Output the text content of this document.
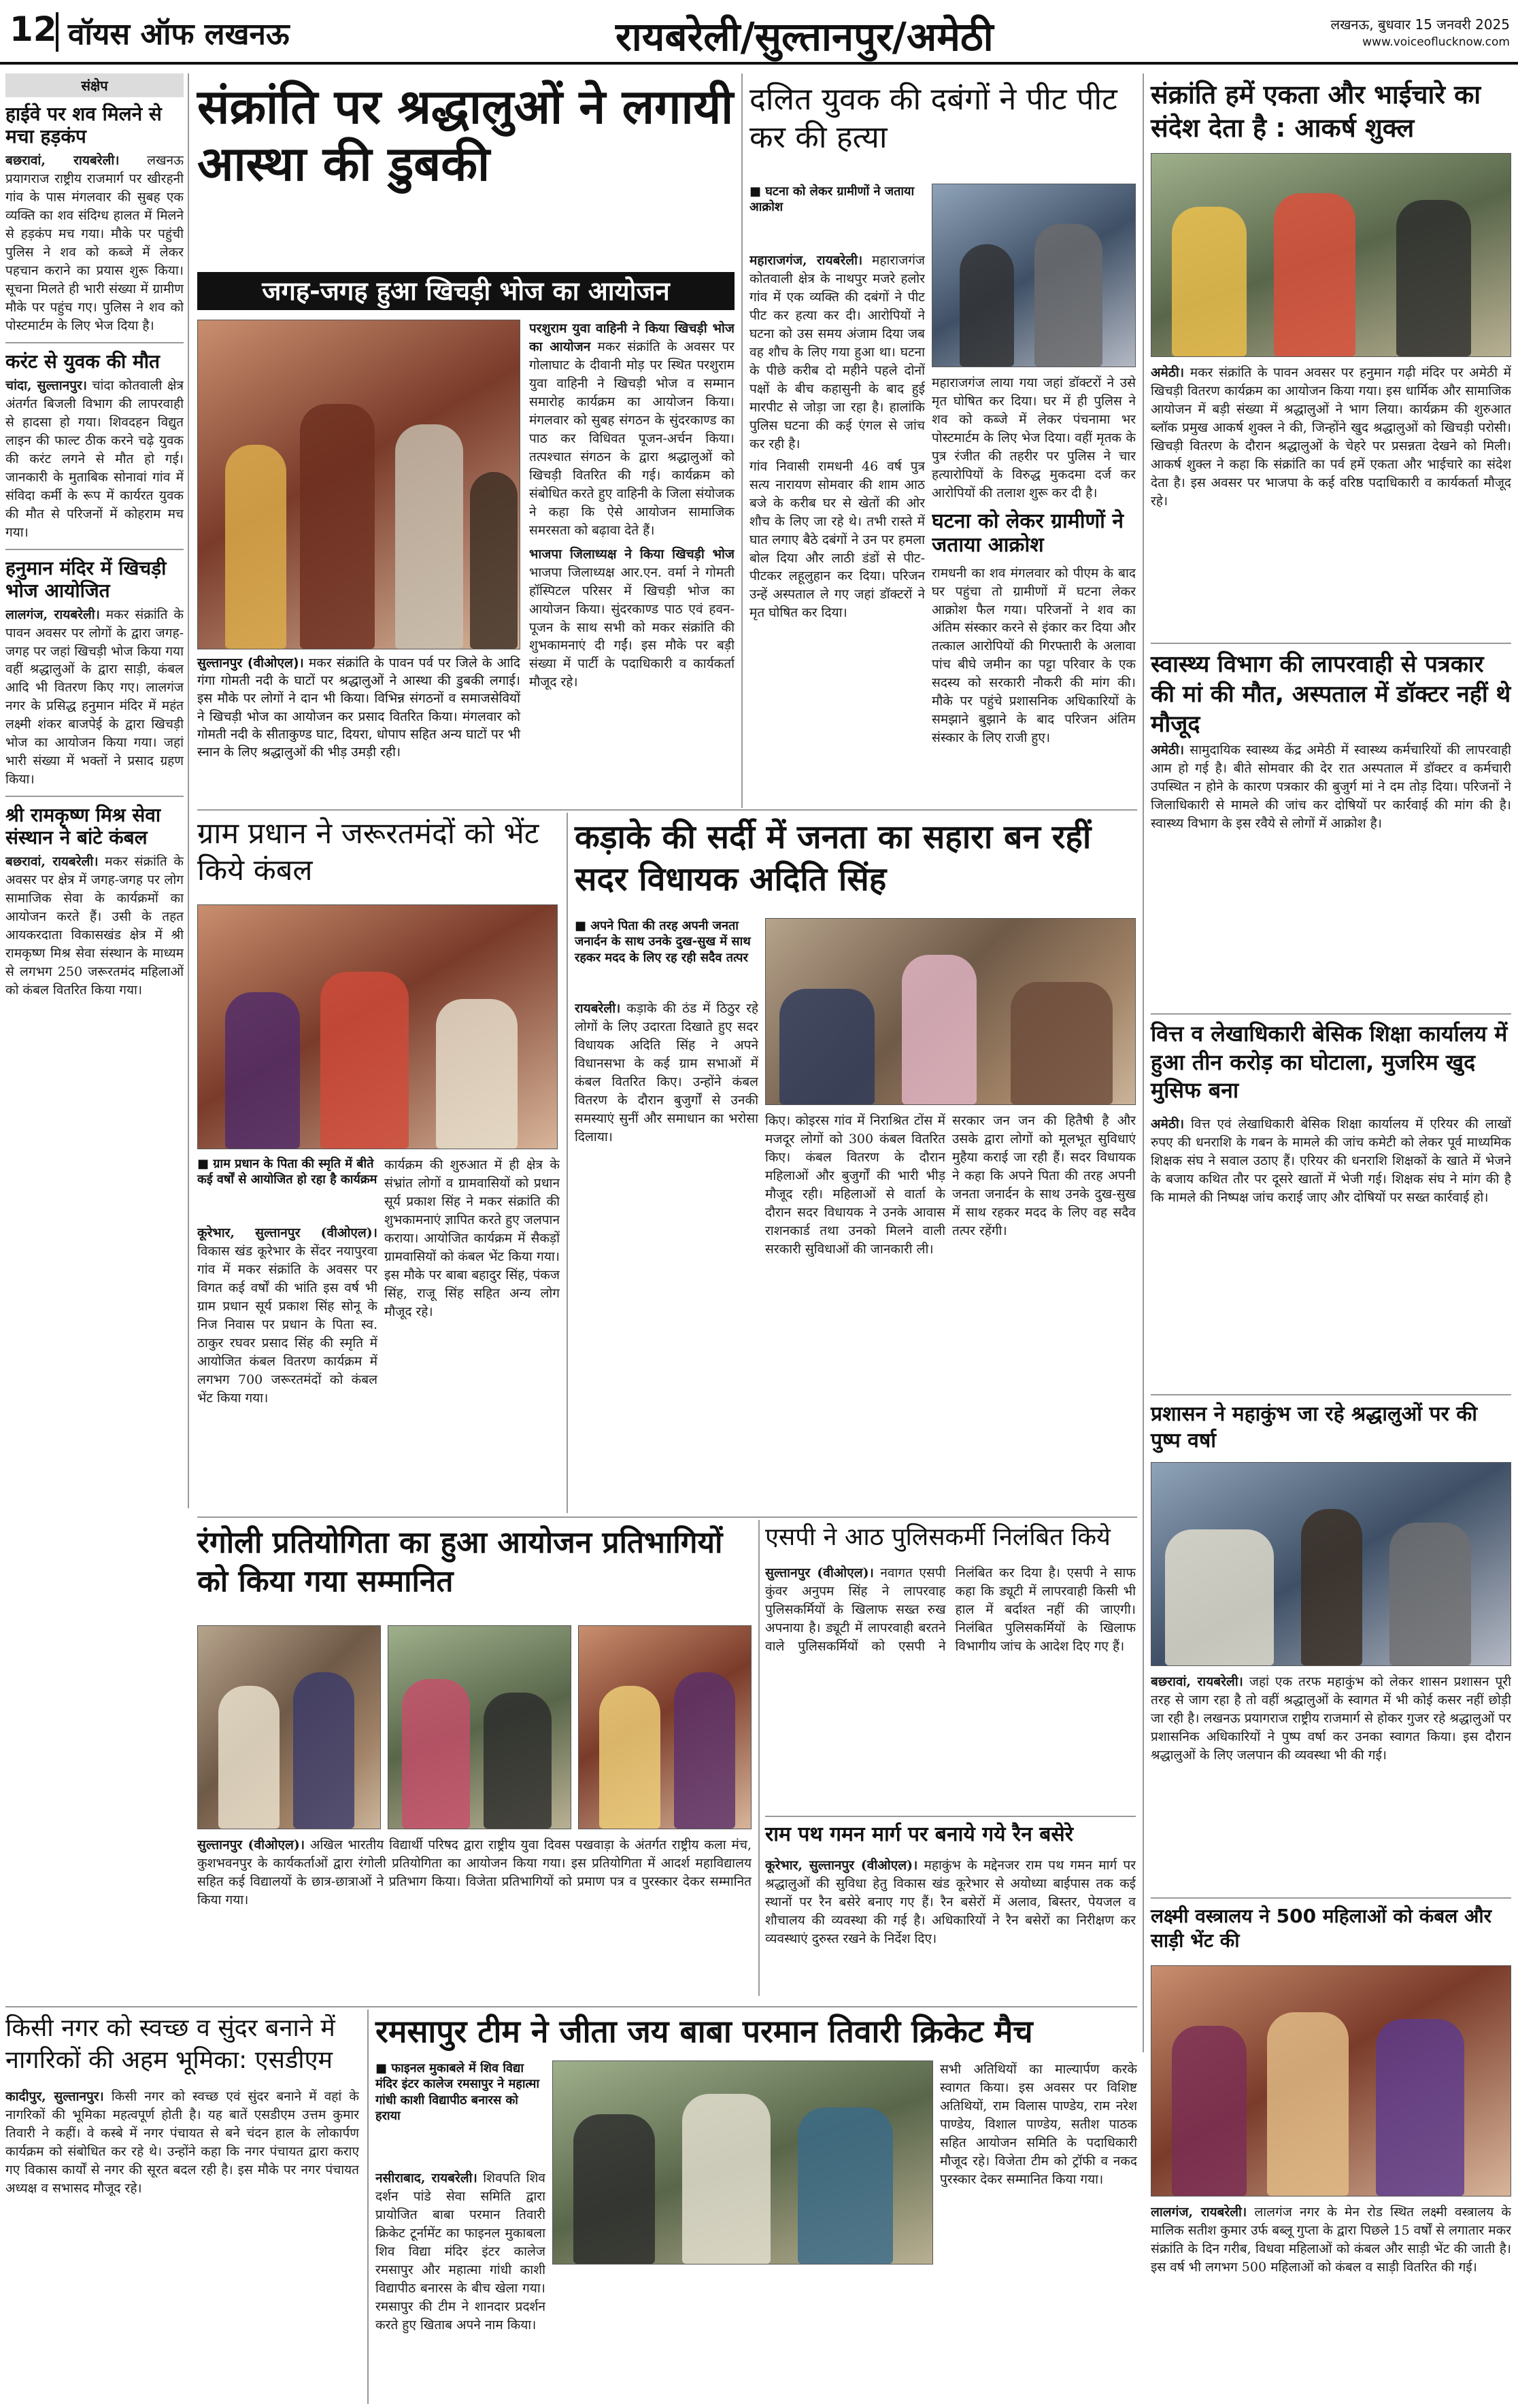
12 वॉयस ऑफ लखनऊ	रायबरेली/सुल्तानपुर/अमेठी	लखनऊ, बुधवार 15 जनवरी 2025
www.voiceoflucknow.com
संक्षेप
हाईवे पर शव मिलने से मचा हड़कंप
बछरावां, रायबरेली। लखनऊ प्रयागराज राष्ट्रीय राजमार्ग पर खीरहनी गांव के पास मंगलवार की सुबह एक व्यक्ति का शव संदिग्ध हालत में मिलने से हड़कंप मच गया। मौके पर पहुंची पुलिस ने शव को कब्जे में लेकर पहचान कराने का प्रयास शुरू किया। सूचना मिलते ही भारी संख्या में ग्रामीण मौके पर पहुंच गए। पुलिस ने शव को पोस्टमार्टम के लिए भेज दिया है।
करंट से युवक की मौत
चांदा, सुल्तानपुर। चांदा कोतवाली क्षेत्र अंतर्गत बिजली विभाग की लापरवाही से हादसा हो गया। शिवदहन विद्युत लाइन की फाल्ट ठीक करने चढ़े युवक की करंट लगने से मौत हो गई। जानकारी के मुताबिक सोनावां गांव में संविदा कर्मी के रूप में कार्यरत युवक की मौत से परिजनों में कोहराम मच गया।
हनुमान मंदिर में खिचड़ी भोज आयोजित
लालगंज, रायबरेली। मकर संक्रांति के पावन अवसर पर लोगों के द्वारा जगह-जगह पर जहां खिचड़ी भोज किया गया वहीं श्रद्धालुओं के द्वारा साड़ी, कंबल आदि भी वितरण किए गए। लालगंज नगर के प्रसिद्ध हनुमान मंदिर में महंत लक्ष्मी शंकर बाजपेई के द्वारा खिचड़ी भोज का आयोजन किया गया। जहां भारी संख्या में भक्तों ने प्रसाद ग्रहण किया।
श्री रामकृष्ण मिश्र सेवा संस्थान ने बांटे कंबल
बछरावां, रायबरेली। मकर संक्रांति के अवसर पर क्षेत्र में जगह-जगह पर लोग सामाजिक सेवा के कार्यक्रमों का आयोजन करते हैं। उसी के तहत आयकरदाता विकासखंड क्षेत्र में श्री रामकृष्ण मिश्र सेवा संस्थान के माध्यम से लगभग 250 जरूरतमंद महिलाओं को कंबल वितरित किया गया।
संक्रांति पर श्रद्धालुओं ने लगायी आस्था की डुबकी
जगह-जगह हुआ खिचड़ी भोज का आयोजन
सुल्तानपुर (वीओएल)। मकर संक्रांति के पावन पर्व पर जिले के आदि गंगा गोमती नदी के घाटों पर श्रद्धालुओं ने आस्था की डुबकी लगाई। इस मौके पर लोगों ने दान भी किया। विभिन्न संगठनों व समाजसेवियों ने खिचड़ी भोज का आयोजन कर प्रसाद वितरित किया। मंगलवार को गोमती नदी के सीताकुण्ड घाट, दियरा, धोपाप सहित अन्य घाटों पर भी स्नान के लिए श्रद्धालुओं की भीड़ उमड़ी रही।
परशुराम युवा वाहिनी ने किया खिचड़ी भोज का आयोजन मकर संक्रांति के अवसर पर गोलाघाट के दीवानी मोड़ पर स्थित परशुराम युवा वाहिनी ने खिचड़ी भोज व सम्मान समारोह कार्यक्रम का आयोजन किया। मंगलवार को सुबह संगठन के सुंदरकाण्ड का पाठ कर विधिवत पूजन-अर्चन किया। तत्पश्चात संगठन के द्वारा श्रद्धालुओं को खिचड़ी वितरित की गई। कार्यक्रम को संबोधित करते हुए वाहिनी के जिला संयोजक ने कहा कि ऐसे आयोजन सामाजिक समरसता को बढ़ावा देते हैं।
भाजपा जिलाध्यक्ष ने किया खिचड़ी भोज भाजपा जिलाध्यक्ष आर.एन. वर्मा ने गोमती हॉस्पिटल परिसर में खिचड़ी भोज का आयोजन किया। सुंदरकाण्ड पाठ एवं हवन-पूजन के साथ सभी को मकर संक्रांति की शुभकामनाएं दी गईं। इस मौके पर बड़ी संख्या में पार्टी के पदाधिकारी व कार्यकर्ता मौजूद रहे।
दलित युवक की दबंगों ने पीट पीट कर की हत्या
■ घटना को लेकर ग्रामीणों ने जताया आक्रोश
महाराजगंज, रायबरेली। महाराजगंज कोतवाली क्षेत्र के नाथपुर मजरे हलोर गांव में एक व्यक्ति की दबंगों ने पीट पीट कर हत्या कर दी। आरोपियों ने घटना को उस समय अंजाम दिया जब वह शौच के लिए गया हुआ था। घटना के पीछे करीब दो महीने पहले दोनों पक्षों के बीच कहासुनी के बाद हुई मारपीट से जोड़ा जा रहा है। हालांकि पुलिस घटना की कई एंगल से जांच कर रही है।
गांव निवासी रामधनी 46 वर्ष पुत्र सत्य नारायण सोमवार की शाम आठ बजे के करीब घर से खेतों की ओर शौच के लिए जा रहे थे। तभी रास्ते में घात लगाए बैठे दबंगों ने उन पर हमला बोल दिया और लाठी डंडों से पीट-पीटकर लहूलुहान कर दिया। परिजन उन्हें अस्पताल ले गए जहां डॉक्टरों ने मृत घोषित कर दिया।
महाराजगंज लाया गया जहां डॉक्टरों ने उसे मृत घोषित कर दिया। घर में ही पुलिस ने शव को कब्जे में लेकर पंचनामा भर पोस्टमार्टम के लिए भेज दिया। वहीं मृतक के पुत्र रंजीत की तहरीर पर पुलिस ने चार हत्यारोपियों के विरुद्ध मुकदमा दर्ज कर आरोपियों की तलाश शुरू कर दी है।
घटना को लेकर ग्रामीणों ने जताया आक्रोश
रामधनी का शव मंगलवार को पीएम के बाद घर पहुंचा तो ग्रामीणों में घटना लेकर आक्रोश फैल गया। परिजनों ने शव का अंतिम संस्कार करने से इंकार कर दिया और तत्काल आरोपियों की गिरफ्तारी के अलावा पांच बीघे जमीन का पट्टा परिवार के एक सदस्य को सरकारी नौकरी की मांग की। मौके पर पहुंचे प्रशासनिक अधिकारियों के समझाने बुझाने के बाद परिजन अंतिम संस्कार के लिए राजी हुए।
संक्रांति हमें एकता और भाईचारे का संदेश देता है : आकर्ष शुक्ल
अमेठी। मकर संक्रांति के पावन अवसर पर हनुमान गढ़ी मंदिर पर अमेठी में खिचड़ी वितरण कार्यक्रम का आयोजन किया गया। इस धार्मिक और सामाजिक आयोजन में बड़ी संख्या में श्रद्धालुओं ने भाग लिया। कार्यक्रम की शुरुआत ब्लॉक प्रमुख आकर्ष शुक्ल ने की, जिन्होंने खुद श्रद्धालुओं को खिचड़ी परोसी। खिचड़ी वितरण के दौरान श्रद्धालुओं के चेहरे पर प्रसन्नता देखने को मिली। आकर्ष शुक्ल ने कहा कि संक्रांति का पर्व हमें एकता और भाईचारे का संदेश देता है। इस अवसर पर भाजपा के कई वरिष्ठ पदाधिकारी व कार्यकर्ता मौजूद रहे।
स्वास्थ्य विभाग की लापरवाही से पत्रकार की मां की मौत, अस्पताल में डॉक्टर नहीं थे मौजूद
अमेठी। सामुदायिक स्वास्थ्य केंद्र अमेठी में स्वास्थ्य कर्मचारियों की लापरवाही आम हो गई है। बीते सोमवार की देर रात अस्पताल में डॉक्टर व कर्मचारी उपस्थित न होने के कारण पत्रकार की बुजुर्ग मां ने दम तोड़ दिया। परिजनों ने जिलाधिकारी से मामले की जांच कर दोषियों पर कार्रवाई की मांग की है। स्वास्थ्य विभाग के इस रवैये से लोगों में आक्रोश है।
वित्त व लेखाधिकारी बेसिक शिक्षा कार्यालय में हुआ तीन करोड़ का घोटाला, मुजरिम खुद मुसिफ बना
अमेठी। वित्त एवं लेखाधिकारी बेसिक शिक्षा कार्यालय में एरियर की लाखों रुपए की धनराशि के गबन के मामले की जांच कमेटी को लेकर पूर्व माध्यमिक शिक्षक संघ ने सवाल उठाए हैं। एरियर की धनराशि शिक्षकों के खाते में भेजने के बजाय कथित तौर पर दूसरे खातों में भेजी गई। शिक्षक संघ ने मांग की है कि मामले की निष्पक्ष जांच कराई जाए और दोषियों पर सख्त कार्रवाई हो।
प्रशासन ने महाकुंभ जा रहे श्रद्धालुओं पर की पुष्प वर्षा
बछरावां, रायबरेली। जहां एक तरफ महाकुंभ को लेकर शासन प्रशासन पूरी तरह से जाग रहा है तो वहीं श्रद्धालुओं के स्वागत में भी कोई कसर नहीं छोड़ी जा रही है। लखनऊ प्रयागराज राष्ट्रीय राजमार्ग से होकर गुजर रहे श्रद्धालुओं पर प्रशासनिक अधिकारियों ने पुष्प वर्षा कर उनका स्वागत किया। इस दौरान श्रद्धालुओं के लिए जलपान की व्यवस्था भी की गई।
लक्ष्मी वस्त्रालय ने 500 महिलाओं को कंबल और साड़ी भेंट की
लालगंज, रायबरेली। लालगंज नगर के मेन रोड स्थित लक्ष्मी वस्त्रालय के मालिक सतीश कुमार उर्फ बब्लू गुप्ता के द्वारा पिछले 15 वर्षों से लगातार मकर संक्रांति के दिन गरीब, विधवा महिलाओं को कंबल और साड़ी भेंट की जाती है। इस वर्ष भी लगभग 500 महिलाओं को कंबल व साड़ी वितरित की गई।
ग्राम प्रधान ने जरूरतमंदों को भेंट किये कंबल
■ ग्राम प्रधान के पिता की स्मृति में बीते कई वर्षों से आयोजित हो रहा है कार्यक्रम
कूरेभार, सुल्तानपुर (वीओएल)। विकास खंड कूरेभार के सेंदर नयापुरवा गांव में मकर संक्रांति के अवसर पर विगत कई वर्षों की भांति इस वर्ष भी ग्राम प्रधान सूर्य प्रकाश सिंह सोनू के निज निवास पर प्रधान के पिता स्व. ठाकुर रघवर प्रसाद सिंह की स्मृति में आयोजित कंबल वितरण कार्यक्रम में लगभग 700 जरूरतमंदों को कंबल भेंट किया गया।
कार्यक्रम की शुरुआत में ही क्षेत्र के संभ्रांत लोगों व ग्रामवासियों को प्रधान सूर्य प्रकाश सिंह ने मकर संक्रांति की शुभकामनाएं ज्ञापित करते हुए जलपान कराया। आयोजित कार्यक्रम में सैकड़ों ग्रामवासियों को कंबल भेंट किया गया। इस मौके पर बाबा बहादुर सिंह, पंकज सिंह, राजू सिंह सहित अन्य लोग मौजूद रहे।
कड़ाके की सर्दी में जनता का सहारा बन रहीं सदर विधायक अदिति सिंह
■ अपने पिता की तरह अपनी जनता जनार्दन के साथ उनके दुख-सुख में साथ रहकर मदद के लिए रह रही सदैव तत्पर
रायबरेली। कड़ाके की ठंड में ठिठुर रहे लोगों के लिए उदारता दिखाते हुए सदर विधायक अदिति सिंह ने अपने विधानसभा के कई ग्राम सभाओं में कंबल वितरित किए। उन्होंने कंबल वितरण के दौरान बुजुर्गों से उनकी समस्याएं सुनीं और समाधान का भरोसा दिलाया।
किए। कोइरस गांव में निराश्रित टोंस में मजदूर लोगों को 300 कंबल वितरित किए। कंबल वितरण के दौरान महिलाओं और बुजुर्गों की भारी भीड़ मौजूद रही। महिलाओं से वार्ता के दौरान सदर विधायक ने उनके आवास राशनकार्ड तथा उनको मिलने वाली सरकारी सुविधाओं की जानकारी ली।
सरकार जन जन की हितैषी है और उसके द्वारा लोगों को मूलभूत सुविधाएं मुहैया कराई जा रही हैं। सदर विधायक ने कहा कि अपने पिता की तरह अपनी जनता जनार्दन के साथ उनके दुख-सुख में साथ रहकर मदद के लिए वह सदैव तत्पर रहेंगी।
रंगोली प्रतियोगिता का हुआ आयोजन प्रतिभागियों को किया गया सम्मानित
सुल्तानपुर (वीओएल)। अखिल भारतीय विद्यार्थी परिषद द्वारा राष्ट्रीय युवा दिवस पखवाड़ा के अंतर्गत राष्ट्रीय कला मंच, कुशभवनपुर के कार्यकर्ताओं द्वारा रंगोली प्रतियोगिता का आयोजन किया गया। इस प्रतियोगिता में आदर्श महाविद्यालय सहित कई विद्यालयों के छात्र-छात्राओं ने प्रतिभाग किया। विजेता प्रतिभागियों को प्रमाण पत्र व पुरस्कार देकर सम्मानित किया गया।
एसपी ने आठ पुलिसकर्मी निलंबित किये
सुल्तानपुर (वीओएल)। नवागत एसपी कुंवर अनुपम सिंह ने लापरवाह पुलिसकर्मियों के खिलाफ सख्त रुख अपनाया है। ड्यूटी में लापरवाही बरतने वाले पुलिसकर्मियों को एसपी ने निलंबित कर दिया है। एसपी ने साफ कहा कि ड्यूटी में लापरवाही किसी भी हाल में बर्दाश्त नहीं की जाएगी। निलंबित पुलिसकर्मियों के खिलाफ विभागीय जांच के आदेश दिए गए हैं।
राम पथ गमन मार्ग पर बनाये गये रैन बसेरे
कूरेभार, सुल्तानपुर (वीओएल)। महाकुंभ के मद्देनजर राम पथ गमन मार्ग पर श्रद्धालुओं की सुविधा हेतु विकास खंड कूरेभार से अयोध्या बाईपास तक कई स्थानों पर रैन बसेरे बनाए गए हैं। रैन बसेरों में अलाव, बिस्तर, पेयजल व शौचालय की व्यवस्था की गई है। अधिकारियों ने रैन बसेरों का निरीक्षण कर व्यवस्थाएं दुरुस्त रखने के निर्देश दिए।
किसी नगर को स्वच्छ व सुंदर बनाने में नागरिकों की अहम भूमिका: एसडीएम
कादीपुर, सुल्तानपुर। किसी नगर को स्वच्छ एवं सुंदर बनाने में वहां के नागरिकों की भूमिका महत्वपूर्ण होती है। यह बातें एसडीएम उत्तम कुमार तिवारी ने कहीं। वे कस्बे में नगर पंचायत से बने चंदन हाल के लोकार्पण कार्यक्रम को संबोधित कर रहे थे। उन्होंने कहा कि नगर पंचायत द्वारा कराए गए विकास कार्यों से नगर की सूरत बदल रही है। इस मौके पर नगर पंचायत अध्यक्ष व सभासद मौजूद रहे।
रमसापुर टीम ने जीता जय बाबा परमान तिवारी क्रिकेट मैच
■ फाइनल मुकाबले में शिव विद्या मंदिर इंटर कालेज रमसापुर ने महात्मा गांधी काशी विद्यापीठ बनारस को हराया
नसीराबाद, रायबरेली। शिवपति शिव दर्शन पांडे सेवा समिति द्वारा प्रायोजित बाबा परमान तिवारी क्रिकेट टूर्नामेंट का फाइनल मुकाबला शिव विद्या मंदिर इंटर कालेज रमसापुर और महात्मा गांधी काशी विद्यापीठ बनारस के बीच खेला गया। रमसापुर की टीम ने शानदार प्रदर्शन करते हुए खिताब अपने नाम किया।
सभी अतिथियों का माल्यार्पण करके स्वागत किया। इस अवसर पर विशिष्ट अतिथियों, राम विलास पाण्डेय, राम नरेश पाण्डेय, विशाल पाण्डेय, सतीश पाठक सहित आयोजन समिति के पदाधिकारी मौजूद रहे। विजेता टीम को ट्रॉफी व नकद पुरस्कार देकर सम्मानित किया गया।
